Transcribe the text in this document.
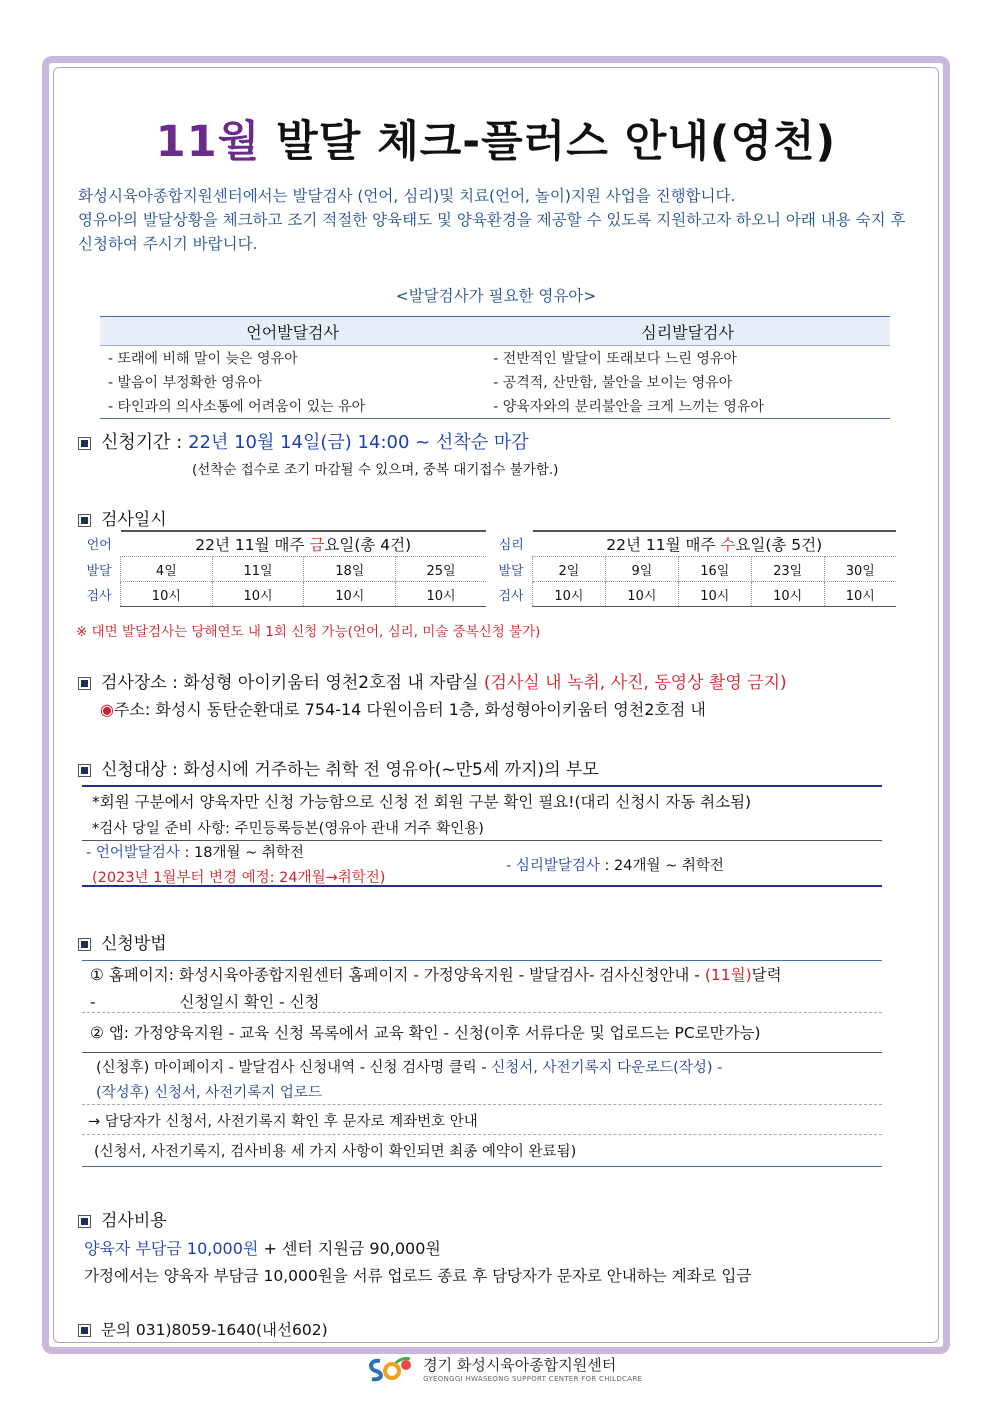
11월 발달 체크-플러스 안내(영천)
화성시육아종합지원센터에서는 발달검사 (언어, 심리)및 치료(언어, 놀이)지원 사업을 진행합니다.
영유아의 발달상황을 체크하고 조기 적절한 양육태도 및 양육환경을 제공할 수 있도록 지원하고자 하오니 아래 내용 숙지 후 신청하여 주시기 바랍니다.
<발달검사가 필요한 영유아>
언어발달검사	심리발달검사
- 또래에 비해 말이 늦은 영유아	- 전반적인 발달이 또래보다 느린 영유아
- 발음이 부정확한 영유아	- 공격적, 산만함, 불안을 보이는 영유아
- 타인과의 의사소통에 어려움이 있는 유아	- 양육자와의 분리불안을 크게 느끼는 영유아
신청기간 : 22년 10월 14일(금) 14:00 ~ 선착순 마감
(선착순 접수로 조기 마감될 수 있으며, 중복 대기접수 불가함.)
검사일시
언어	22년 11월 매주 금요일(총 4건)			
발달	4일	11일	18일	25일
검사	10시	10시	10시	10시
심리	22년 11월 매주 수요일(총 5건)				
발달	2일	9일	16일	23일	30일
검사	10시	10시	10시	10시	10시
※ 대면 발달검사는 당해연도 내 1회 신청 가능(언어, 심리, 미술 중복신청 불가)
검사장소 : 화성형 아이키움터 영천2호점 내 자람실 (검사실 내 녹취, 사진, 동영상 촬영 금지)
◉주소: 화성시 동탄순환대로 754-14 다원이음터 1층, 화성형아이키움터 영천2호점 내
신청대상 : 화성시에 거주하는 취학 전 영유아(~만5세 까지)의 부모
*회원 구분에서 양육자만 신청 가능함으로 신청 전 회원 구분 확인 필요!(대리 신청시 자동 취소됨)
*검사 당일 준비 사항: 주민등록등본(영유아 관내 거주 확인용)
- 언어발달검사 : 18개월 ~ 취학전
(2023년 1월부터 변경 예정: 24개월→취학전)
- 심리발달검사 : 24개월 ~ 취학전
신청방법
① 홈페이지: 화성시육아종합지원센터 홈페이지 - 가정양육지원 - 발달검사- 검사신청안내 - (11월)달력
-                 신청일시 확인 - 신청
② 앱: 가정양육지원 - 교육 신청 목록에서 교육 확인 - 신청(이후 서류다운 및 업로드는 PC로만가능)
(신청후) 마이페이지 - 발달검사 신청내역 - 신청 검사명 클릭 - 신청서, 사전기록지 다운로드(작성) -
(작성후) 신청서, 사전기록지 업로드
→ 담당자가 신청서, 사전기록지 확인 후 문자로 계좌번호 안내
(신청서, 사전기록지, 검사비용 세 가지 사항이 확인되면 최종 예약이 완료됨)
검사비용
양육자 부담금 10,000원 + 센터 지원금 90,000원
가정에서는 양육자 부담금 10,000원을 서류 업로드 종료 후 담당자가 문자로 안내하는 계좌로 입금
문의 031)8059-1640(내선602)

경기 화성시육아종합지원센터
GYEONGGI HWASEONG SUPPORT CENTER FOR CHILDCARE
